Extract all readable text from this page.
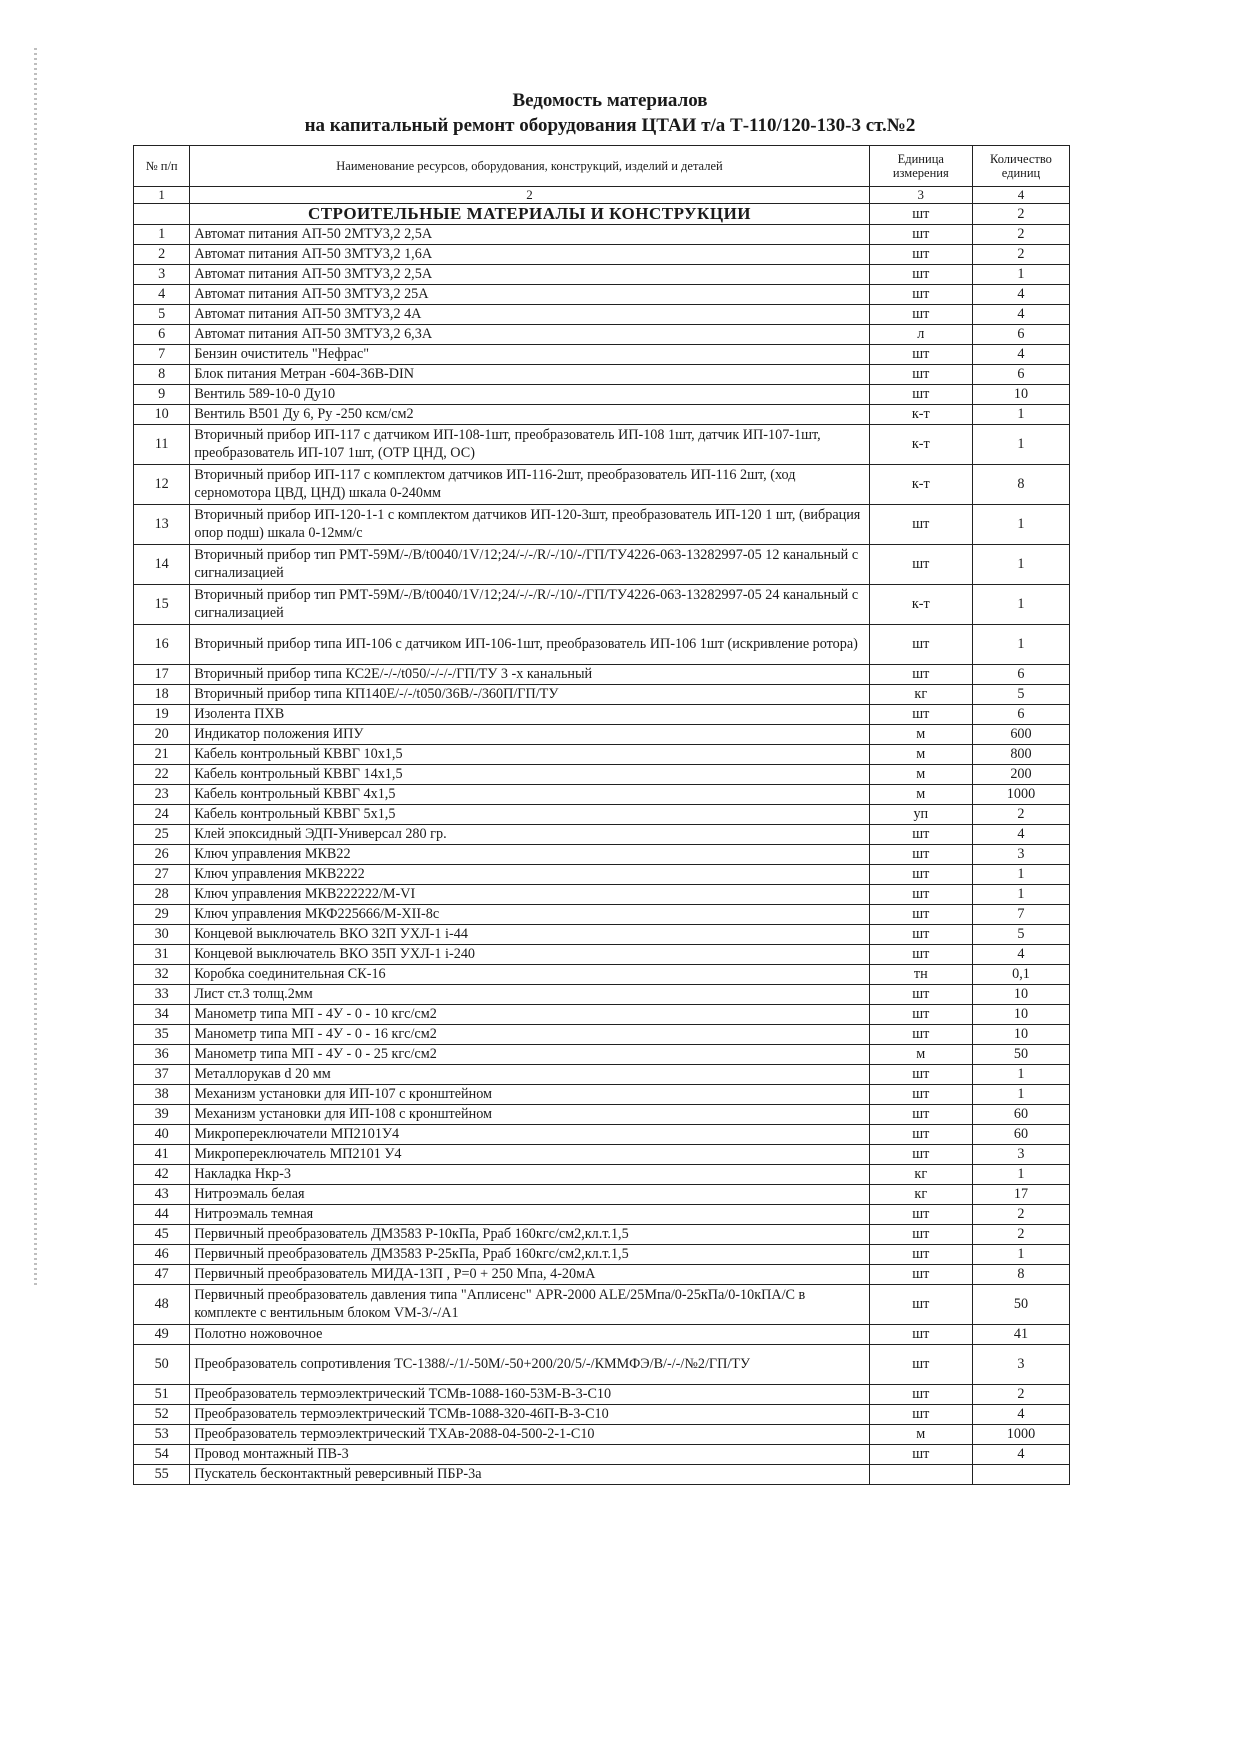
Ведомость материалов
на капитальный ремонт оборудования ЦТАИ т/а Т-110/120-130-3 ст.№2
№ п/п	Наименование ресурсов, оборудования, конструкций, изделий и деталей	Единица измерения	Количество единиц
1	2	3	4
	СТРОИТЕЛЬНЫЕ МАТЕРИАЛЫ И КОНСТРУКЦИИ	шт	2
1	Автомат питания АП-50 2МТУ3,2 2,5А	шт	2
2	Автомат питания АП-50 3МТУ3,2 1,6А	шт	2
3	Автомат питания АП-50 3МТУ3,2 2,5А	шт	1
4	Автомат питания АП-50 3МТУ3,2 25А	шт	4
5	Автомат питания АП-50 3МТУ3,2 4А	шт	4
6	Автомат питания АП-50 3МТУ3,2 6,3А	л	6
7	Бензин очиститель "Нефрас"	шт	4
8	Блок питания Метран -604-36В-DIN	шт	6
9	Вентиль 589-10-0 Ду10	шт	10
10	Вентиль В501 Ду 6, Ру -250 ксм/см2	к-т	1
11	Вторичный прибор ИП-117 с датчиком ИП-108-1шт, преобразователь ИП-108 1шт, датчик ИП-107-1шт, преобразователь ИП-107 1шт, (ОТР ЦНД, ОС)	к-т	1
12	Вторичный прибор ИП-117 с комплектом датчиков ИП-116-2шт, преобразователь ИП-116 2шт, (ход серномотора ЦВД, ЦНД) шкала 0-240мм	к-т	8
13	Вторичный прибор ИП-120-1-1 с комплектом датчиков ИП-120-3шт, преобразователь ИП-120 1 шт, (вибрация опор подш) шкала 0-12мм/с	шт	1
14	Вторичный прибор тип РМТ-59М/-/В/t0040/1V/12;24/-/-/R/-/10/-/ГП/ТУ4226-063-13282997-05 12 канальный с сигнализацией	шт	1
15	Вторичный прибор тип РМТ-59М/-/В/t0040/1V/12;24/-/-/R/-/10/-/ГП/ТУ4226-063-13282997-05 24 канальный с сигнализацией	к-т	1
16	Вторичный прибор типа ИП-106 с датчиком ИП-106-1шт, преобразователь ИП-106 1шт (искривление ротора)	шт	1
17	Вторичный прибор типа КС2Е/-/-/t050/-/-/-/ГП/ТУ 3 -х канальный	шт	6
18	Вторичный прибор типа КП140Е/-/-/t050/36В/-/360П/ГП/ТУ	кг	5
19	Изолента ПХВ	шт	6
20	Индикатор положения ИПУ	м	600
21	Кабель контрольный КВВГ 10х1,5	м	800
22	Кабель контрольный КВВГ 14х1,5	м	200
23	Кабель контрольный КВВГ 4х1,5	м	1000
24	Кабель контрольный КВВГ 5х1,5	уп	2
25	Клей эпоксидный ЭДП-Универсал 280 гр.	шт	4
26	Ключ управления МКВ22	шт	3
27	Ключ управления МКВ2222	шт	1
28	Ключ управления МКВ222222/М-VI	шт	1
29	Ключ управления МКФ225666/М-XII-8с	шт	7
30	Концевой выключатель ВКО 32П УХЛ-1 i-44	шт	5
31	Концевой выключатель ВКО 35П УХЛ-1 i-240	шт	4
32	Коробка соединительная СК-16	тн	0,1
33	Лист ст.3 толщ.2мм	шт	10
34	Манометр типа МП - 4У - 0 - 10 кгс/см2	шт	10
35	Манометр типа МП - 4У - 0 - 16 кгс/см2	шт	10
36	Манометр типа МП - 4У - 0 - 25 кгс/см2	м	50
37	Металлорукав d 20 мм	шт	1
38	Механизм установки для ИП-107 с кронштейном	шт	1
39	Механизм установки для ИП-108 с кронштейном	шт	60
40	Микропереключатели МП2101У4	шт	60
41	Микропереключатель МП2101 У4	шт	3
42	Накладка Нкр-3	кг	1
43	Нитроэмаль белая	кг	17
44	Нитроэмаль темная	шт	2
45	Первичный преобразователь ДМ3583 Р-10кПа, Рраб 160кгс/см2,кл.т.1,5	шт	2
46	Первичный преобразователь ДМ3583 Р-25кПа, Рраб 160кгс/см2,кл.т.1,5	шт	1
47	Первичный преобразователь МИДА-13П , Р=0 + 250 Мпа, 4-20мА	шт	8
48	Первичный преобразователь давления типа "Аплисенс" APR-2000 ALE/25Мпа/0-25кПа/0-10кПА/С в комплекте с вентильным блоком VM-3/-/A1	шт	50
49	Полотно ножовочное	шт	41
50	Преобразователь сопротивления ТС-1388/-/1/-50М/-50+200/20/5/-/КММФЭ/В/-/-/№2/ГП/ТУ	шт	3
51	Преобразователь термоэлектрический ТСМв-1088-160-53М-В-3-С10	шт	2
52	Преобразователь термоэлектрический ТСМв-1088-320-46П-В-3-С10	шт	4
53	Преобразователь термоэлектрический ТХАв-2088-04-500-2-1-С10	м	1000
54	Провод монтажный ПВ-3	шт	4
55	Пускатель бесконтактный реверсивный ПБР-3а		
